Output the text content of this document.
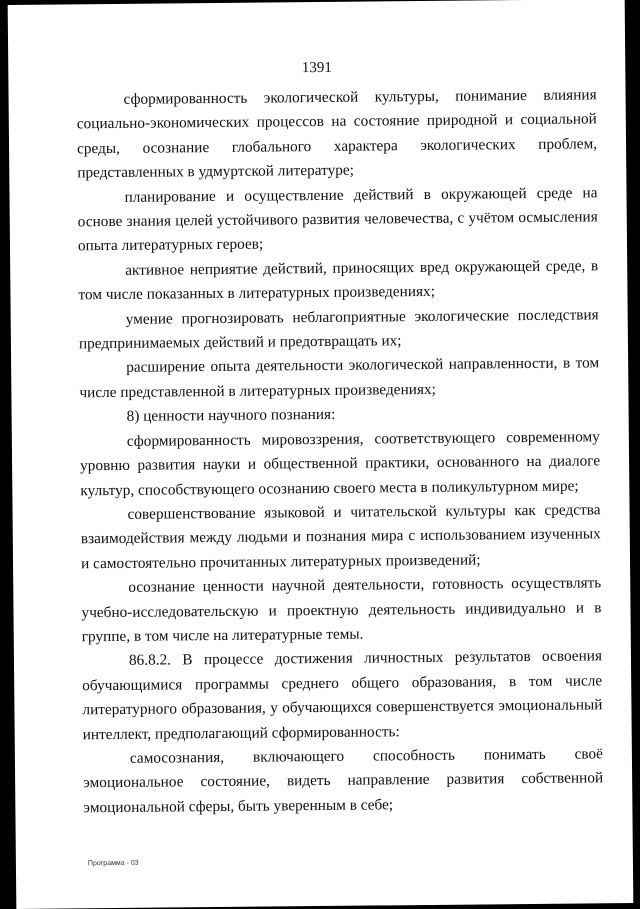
1391

сформированность экологической культуры, понимание влияния социально-экономических процессов на состояние природной и социальной среды, осознание глобального характера экологических проблем, представленных в удмуртской литературе;

планирование и осуществление действий в окружающей среде на основе знания целей устойчивого развития человечества, с учётом осмысления опыта литературных героев;

активное неприятие действий, приносящих вред окружающей среде, в том числе показанных в литературных произведениях;

умение прогнозировать неблагоприятные экологические последствия предпринимаемых действий и предотвращать их;

расширение опыта деятельности экологической направленности, в том числе представленной в литературных произведениях;

8) ценности научного познания:

сформированность мировоззрения, соответствующего современному уровню развития науки и общественной практики, основанного на диалоге культур, способствующего осознанию своего места в поликультурном мире;

совершенствование языковой и читательской культуры как средства взаимодействия между людьми и познания мира с использованием изученных и самостоятельно прочитанных литературных произведений;

осознание ценности научной деятельности, готовность осуществлять учебно-исследовательскую и проектную деятельность индивидуально и в группе, в том числе на литературные темы.

86.8.2. В процессе достижения личностных результатов освоения обучающимися программы среднего общего образования, в том числе литературного образования, у обучающихся совершенствуется эмоциональный интеллект, предполагающий сформированность:

самосознания, включающего способность понимать своё эмоциональное состояние, видеть направление развития собственной эмоциональной сферы, быть уверенным в себе;

Программа - 03
